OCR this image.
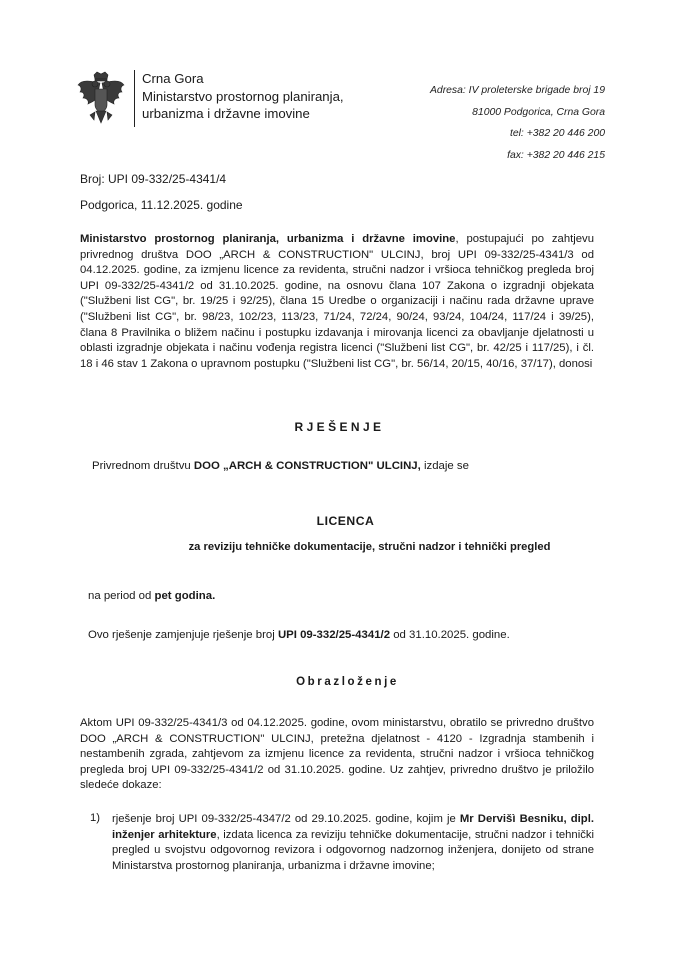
Crna Gora
Ministarstvo prostornog planiranja,
urbanizma i državne imovine
Adresa: IV proleterske brigade broj 19
81000 Podgorica, Crna Gora
tel: +382 20 446 200
fax: +382 20 446 215
Broj: UPI 09-332/25-4341/4
Podgorica, 11.12.2025. godine
Ministarstvo prostornog planiranja, urbanizma i državne imovine, postupajući po zahtjevu privrednog društva DOO „ARCH & CONSTRUCTION" ULCINJ, broj UPI 09-332/25-4341/3 od 04.12.2025. godine, za izmjenu licence za revidenta, stručni nadzor i vršioca tehničkog pregleda broj UPI 09-332/25-4341/2 od 31.10.2025. godine, na osnovu člana 107 Zakona o izgradnji objekata ("Službeni list CG", br. 19/25 i 92/25), člana 15 Uredbe o organizaciji i načinu rada državne uprave ("Službeni list CG", br. 98/23, 102/23, 113/23, 71/24, 72/24, 90/24, 93/24, 104/24, 117/24 i 39/25), člana 8 Pravilnika o bližem načinu i postupku izdavanja i mirovanja licenci za obavljanje djelatnosti u oblasti izgradnje objekata i načinu vođenja registra licenci ("Službeni list CG", br. 42/25 i 117/25), i čl. 18 i 46 stav 1 Zakona o upravnom postupku ("Službeni list CG", br. 56/14, 20/15, 40/16, 37/17), donosi
RJEŠENJE
Privrednom društvu DOO „ARCH & CONSTRUCTION" ULCINJ, izdaje se
LICENCA
za reviziju tehničke dokumentacije, stručni nadzor i tehnički pregled
na period od pet godina.
Ovo rješenje zamjenjuje rješenje broj UPI 09-332/25-4341/2 od 31.10.2025. godine.
Obrazloženje
Aktom UPI 09-332/25-4341/3 od 04.12.2025. godine, ovom ministarstvu, obratilo se privredno društvo DOO „ARCH & CONSTRUCTION" ULCINJ, pretežna djelatnost - 4120 - Izgradnja stambenih i nestambenih zgrada, zahtjevom za izmjenu licence za revidenta, stručni nadzor i vršioca tehničkog pregleda broj UPI 09-332/25-4341/2 od 31.10.2025. godine. Uz zahtjev, privredno društvo je priložilo sledeće dokaze:
1) rješenje broj UPI 09-332/25-4347/2 od 29.10.2025. godine, kojim je Mr Dervišì Besniku, dipl. inženjer arhitekture, izdata licenca za reviziju tehničke dokumentacije, stručni nadzor i tehnički pregled u svojstvu odgovornog revizora i odgovornog nadzornog inženjera, donijeto od strane Ministarstva prostornog planiranja, urbanizma i državne imovine;
